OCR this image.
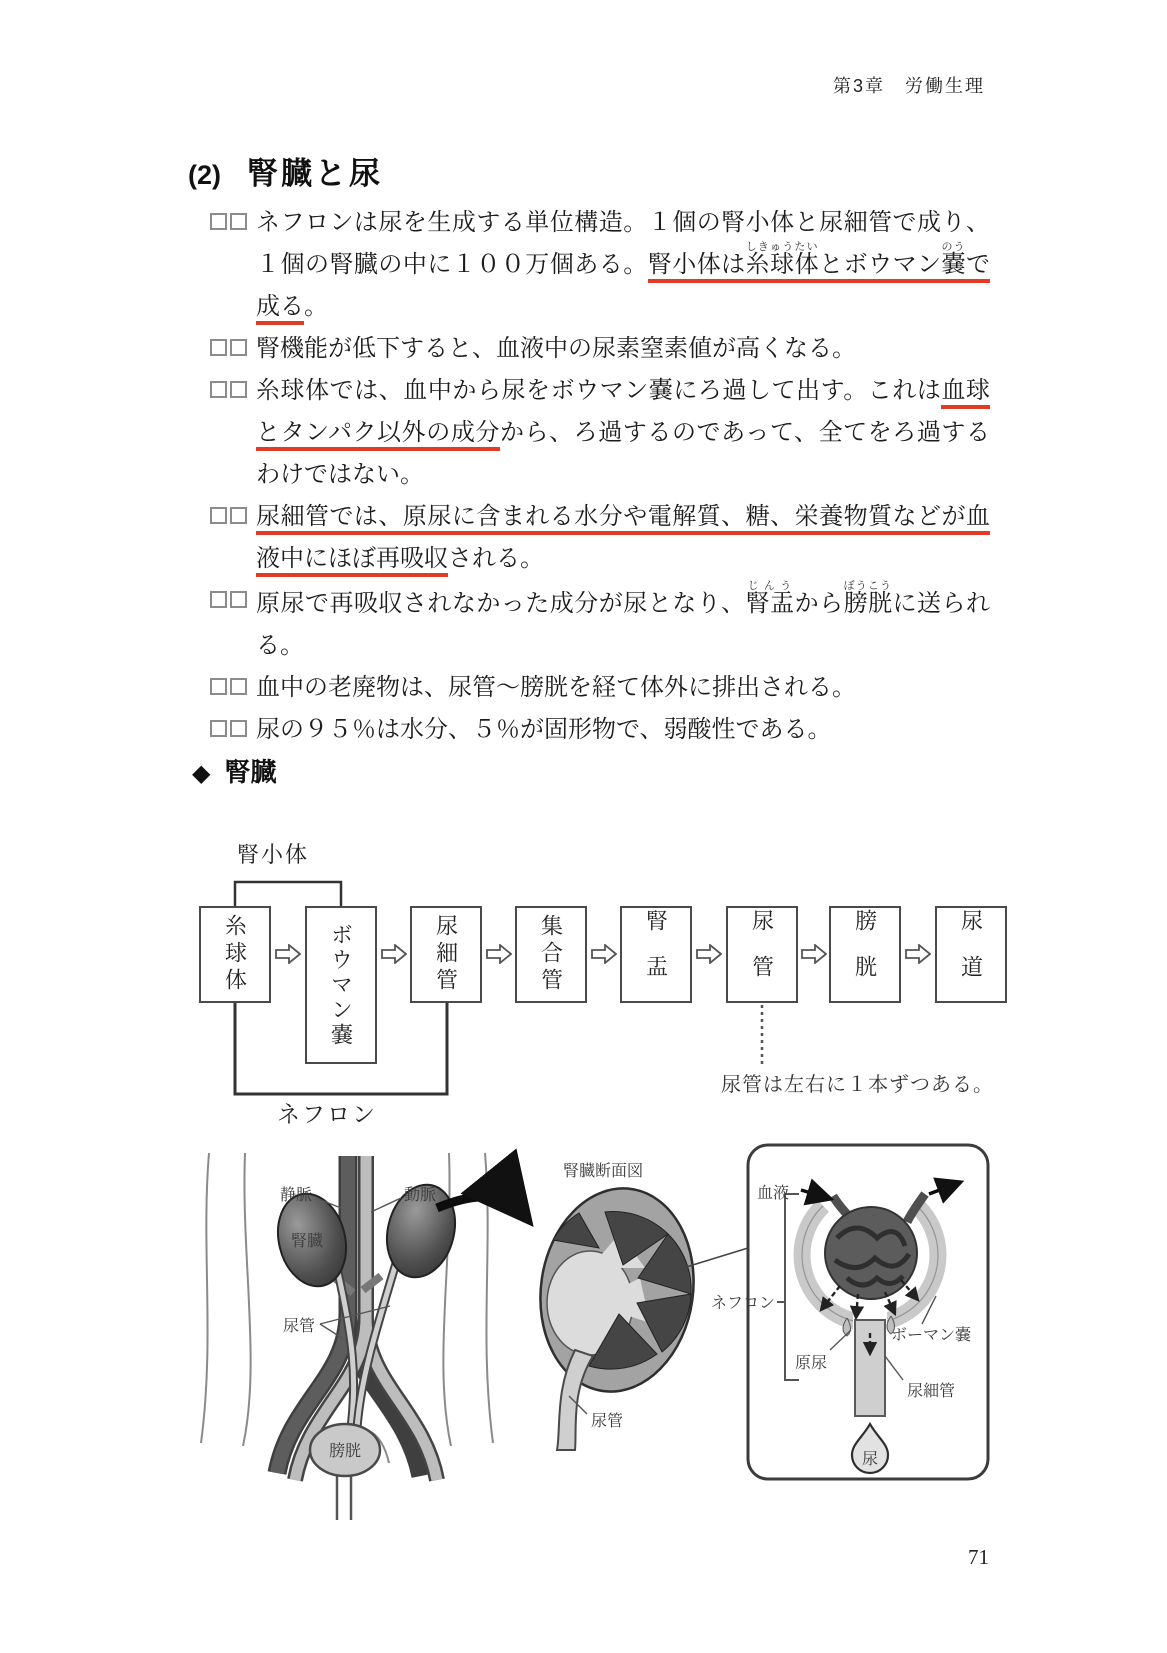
第3章　労働生理
(2) 腎臓と尿
ネフロンは尿を生成する単位構造。１個の腎小体と尿細管で成り、１個の腎臓の中に１００万個ある。腎小体は糸球体しきゅうたいとボウマン嚢のうで成る。
腎機能が低下すると、血液中の尿素窒素値が高くなる。
糸球体では、血中から尿をボウマン嚢にろ過して出す。これは血球とタンパク以外の成分から、ろ過するのであって、全てをろ過するわけではない。
尿細管では、原尿に含まれる水分や電解質、糖、栄養物質などが血液中にほぼ再吸収される。
原尿で再吸収されなかった成分が尿となり、腎盂じんうから膀胱ぼうこうに送られる。
血中の老廃物は、尿管～膀胱を経て体外に排出される。
尿の９５％は水分、５％が固形物で、弱酸性である。
◆ 腎臓
腎小体
ネフロン
尿管は左右に１本ずつある。
糸球体	ボウマン嚢	尿細管	集合管	腎盂	尿管	膀胱	尿道
静脈	動脈
腎臓
尿管
膀胱
腎臓断面図
尿管
血液
ネフロン
原尿
ボーマン嚢
尿細管
尿
71
